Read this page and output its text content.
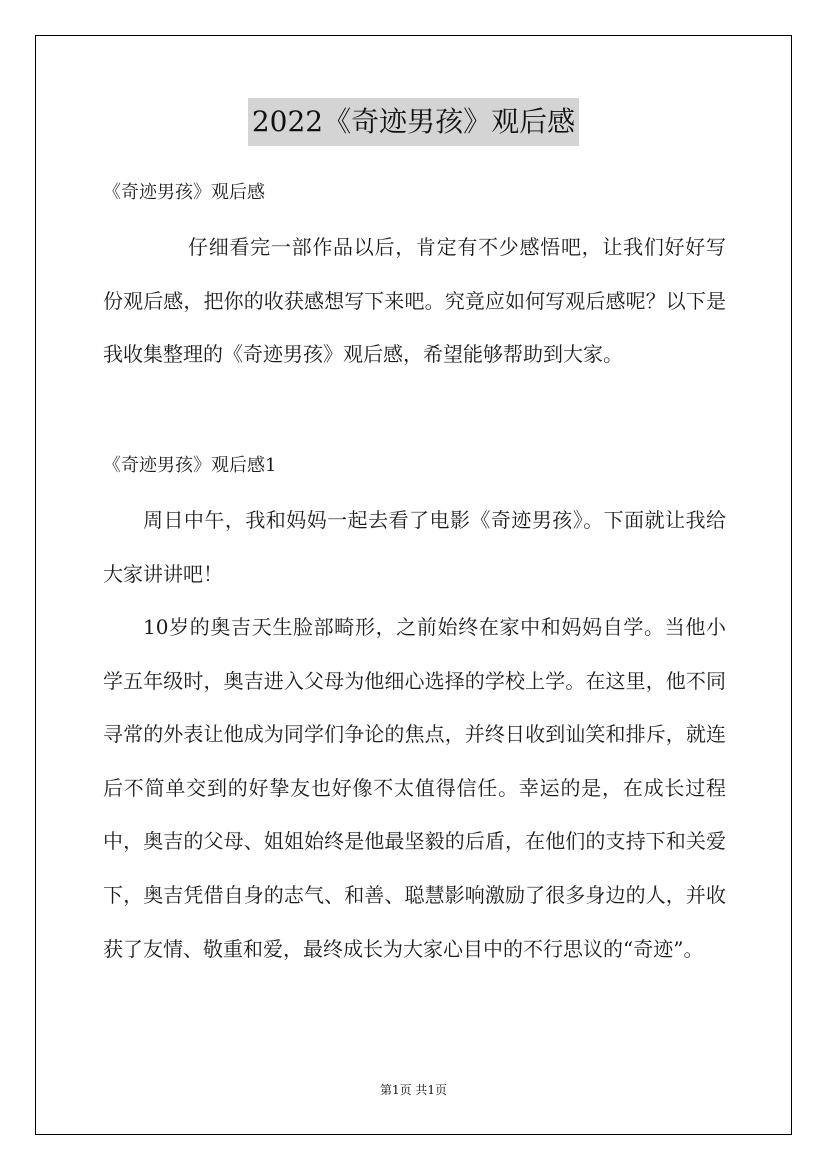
2022《奇迹男孩》观后感
《奇迹男孩》观后感

仔细看完一部作品以后，肯定有不少感悟吧，让我们好好写份观后感，把你的收获感想写下来吧。究竟应如何写观后感呢？以下是我收集整理的《奇迹男孩》观后感，希望能够帮助到大家。

《奇迹男孩》观后感1

周日中午，我和妈妈一起去看了电影《奇迹男孩》。下面就让我给大家讲讲吧！

10岁的奥吉天生脸部畸形，之前始终在家中和妈妈自学。当他小学五年级时，奥吉进入父母为他细心选择的学校上学。在这里，他不同寻常的外表让他成为同学们争论的焦点，并终日收到讪笑和排斥，就连后不简单交到的好挚友也好像不太值得信任。幸运的是，在成长过程中，奥吉的父母、姐姐始终是他最坚毅的后盾，在他们的支持下和关爱下，奥吉凭借自身的志气、和善、聪慧影响激励了很多身边的人，并收获了友情、敬重和爱，最终成长为大家心目中的不行思议的“奇迹”。

第1页 共1页
